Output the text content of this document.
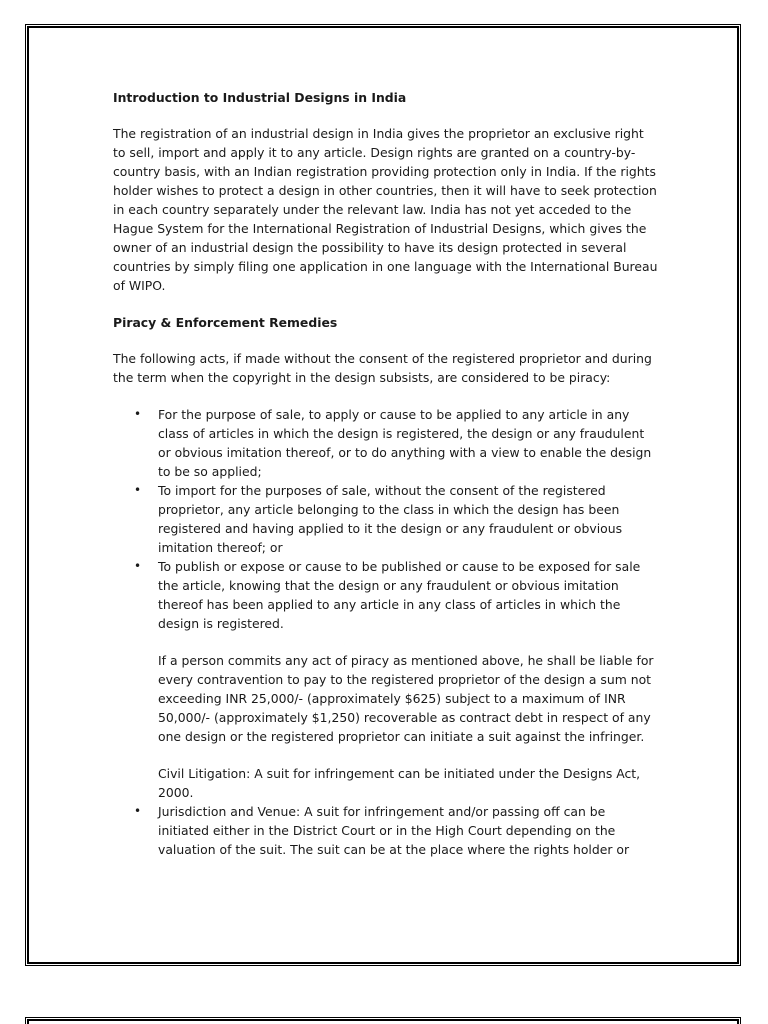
Introduction to Industrial Designs in India

The registration of an industrial design in India gives the proprietor an exclusive right to sell, import and apply it to any article. Design rights are granted on a country-by-country basis, with an Indian registration providing protection only in India. If the rights holder wishes to protect a design in other countries, then it will have to seek protection in each country separately under the relevant law. India has not yet acceded to the Hague System for the International Registration of Industrial Designs, which gives the owner of an industrial design the possibility to have its design protected in several countries by simply filing one application in one language with the International Bureau of WIPO.

Piracy & Enforcement Remedies

The following acts, if made without the consent of the registered proprietor and during the term when the copyright in the design subsists, are considered to be piracy:

• For the purpose of sale, to apply or cause to be applied to any article in any class of articles in which the design is registered, the design or any fraudulent or obvious imitation thereof, or to do anything with a view to enable the design to be so applied;
• To import for the purposes of sale, without the consent of the registered proprietor, any article belonging to the class in which the design has been registered and having applied to it the design or any fraudulent or obvious imitation thereof; or
• To publish or expose or cause to be published or cause to be exposed for sale the article, knowing that the design or any fraudulent or obvious imitation thereof has been applied to any article in any class of articles in which the design is registered.

If a person commits any act of piracy as mentioned above, he shall be liable for every contravention to pay to the registered proprietor of the design a sum not exceeding INR 25,000/- (approximately $625) subject to a maximum of INR 50,000/- (approximately $1,250) recoverable as contract debt in respect of any one design or the registered proprietor can initiate a suit against the infringer.

Civil Litigation: A suit for infringement can be initiated under the Designs Act, 2000.

• Jurisdiction and Venue: A suit for infringement and/or passing off can be initiated either in the District Court or in the High Court depending on the valuation of the suit. The suit can be at the place where the rights holder or
